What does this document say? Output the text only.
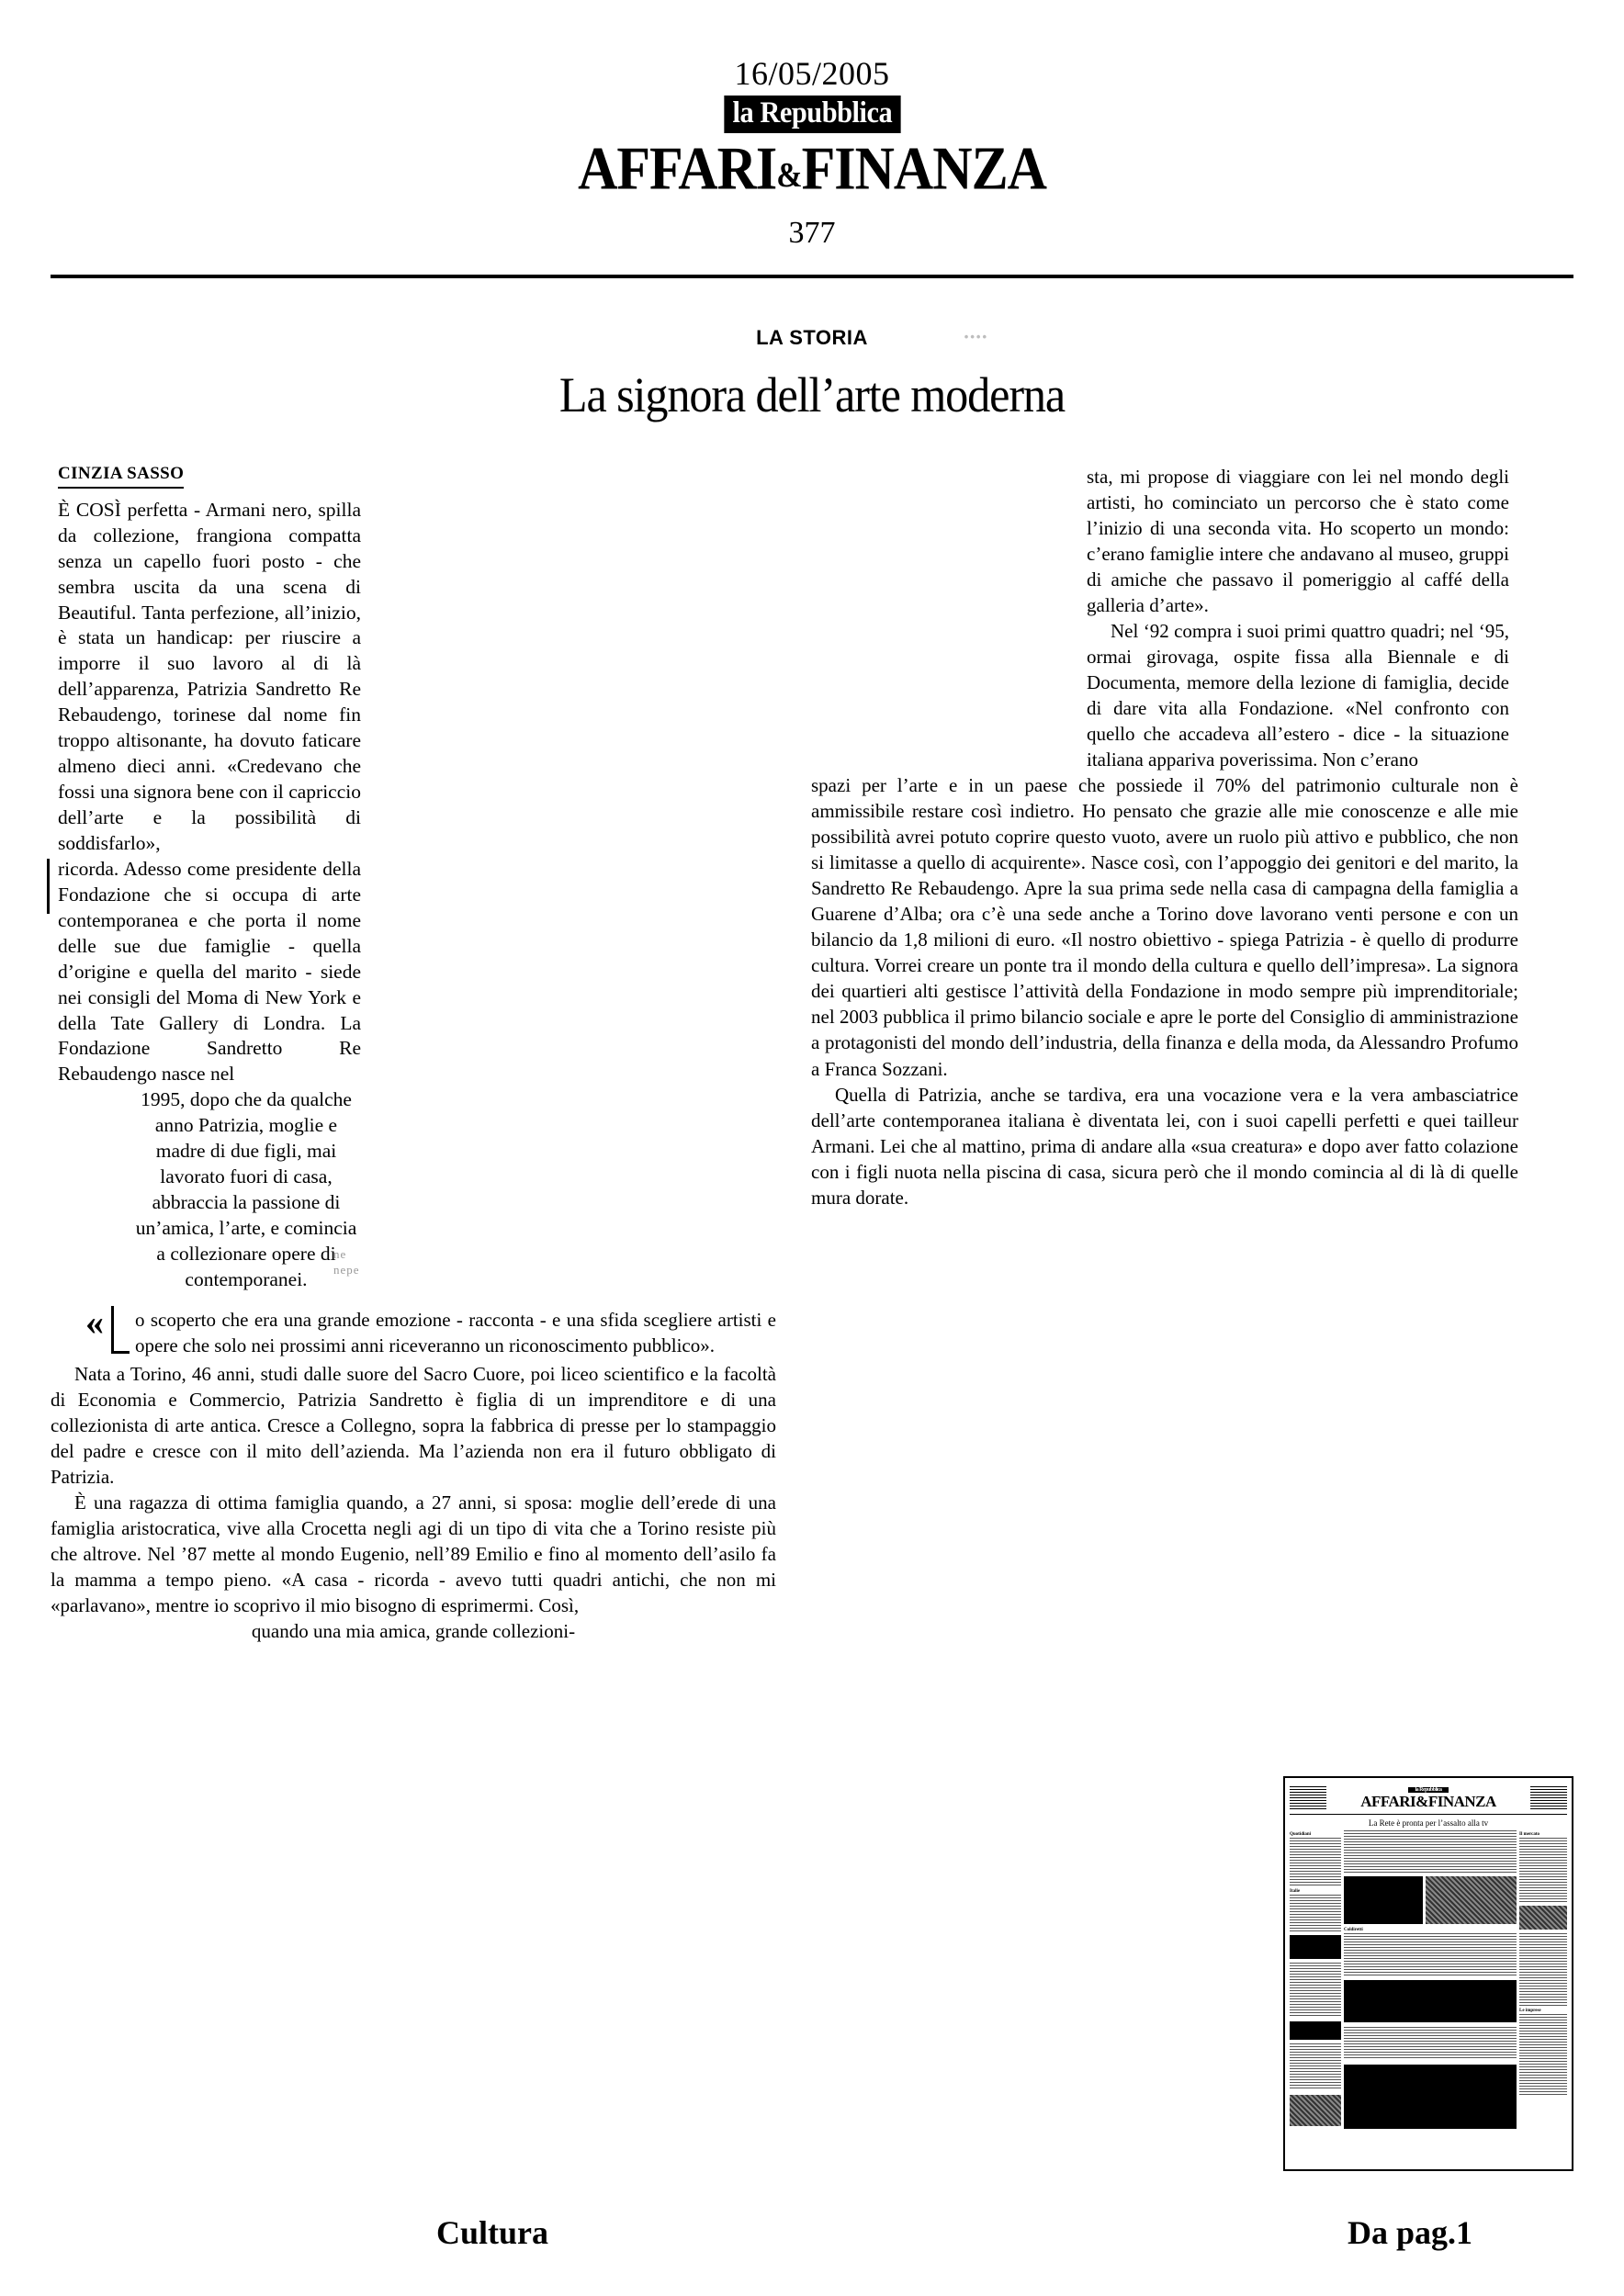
16/05/2005
la Repubblica
AFFARI&FINANZA
377
LA STORIA	••••
La signora dell’arte moderna
CINZIA SASSO
È COSÌ perfetta - Armani nero, spilla da collezione, frangiona compatta senza un capello fuori posto - che sembra uscita da una scena di Beautiful. Tanta perfezione, all’inizio, è stata un handicap: per riuscire a imporre il suo lavoro al di là dell’apparenza, Patrizia Sandretto Re Rebaudengo, torinese dal nome fin troppo altisonante, ha dovuto faticare almeno dieci anni. «Credevano che fossi una signora bene con il capriccio dell’arte e la possibilità di soddisfarlo»,
ne nepe
ricorda. Adesso come presidente della Fondazione che si occupa di arte contemporanea e che porta il nome delle sue due famiglie - quella d’origine e quella del marito - siede nei consigli del Moma di New York e della Tate Gallery di Londra. La Fondazione Sandretto Re Rebaudengo nasce nel
1995, dopo che da qualche anno Patrizia, moglie e madre di due figli, mai lavorato fuori di casa, abbraccia la passione di un’amica, l’arte, e comincia a collezionare opere di contemporanei.
« o scoperto che era una grande emozione - racconta - e una sfida scegliere artisti e opere che solo nei prossimi anni riceveranno un riconoscimento pubblico».

Nata a Torino, 46 anni, studi dalle suore del Sacro Cuore, poi liceo scientifico e la facoltà di Economia e Commercio, Patrizia Sandretto è figlia di un imprenditore e di una collezionista di arte antica. Cresce a Collegno, sopra la fabbrica di presse per lo stampaggio del padre e cresce con il mito dell’azienda. Ma l’azienda non era il futuro obbligato di Patrizia.

È una ragazza di ottima famiglia quando, a 27 anni, si sposa: moglie dell’erede di una famiglia aristocratica, vive alla Crocetta negli agi di un tipo di vita che a Torino resiste più che altrove. Nel ’87 mette al mondo Eugenio, nell’89 Emilio e fino al momento dell’asilo fa la mamma a tempo pieno. «A casa - ricorda - avevo tutti quadri antichi, che non mi «parlavano», mentre io scoprivo il mio bisogno di esprimermi. Così,

quando una mia amica, grande collezioni-

sta, mi propose di viaggiare con lei nel mondo degli artisti, ho cominciato un percorso che è stato come l’inizio di una seconda vita. Ho scoperto un mondo: c’erano famiglie intere che andavano al museo, gruppi di amiche che passavo il pomeriggio al caffé della galleria d’arte».

Nel ‘92 compra i suoi primi quattro quadri; nel ‘95, ormai girovaga, ospite fissa alla Biennale e di Documenta, memore della lezione di famiglia, decide di dare vita alla Fondazione. «Nel confronto con quello che accadeva all’estero - dice - la situazione italiana appariva poverissima. Non c’erano

spazi per l’arte e in un paese che possiede il 70% del patrimonio culturale non è ammissibile restare così indietro. Ho pensato che grazie alle mie conoscenze e alle mie possibilità avrei potuto coprire questo vuoto, avere un ruolo più attivo e pubblico, che non si limitasse a quello di acquirente». Nasce così, con l’appoggio dei genitori e del marito, la Sandretto Re Rebaudengo. Apre la sua prima sede nella casa di campagna della famiglia a Guarene d’Alba; ora c’è una sede anche a Torino dove lavorano venti persone e con un bilancio da 1,8 milioni di euro. «Il nostro obiettivo - spiega Patrizia - è quello di produrre cultura. Vorrei creare un ponte tra il mondo della cultura e quello dell’impresa». La signora dei quartieri alti gestisce l’attività della Fondazione in modo sempre più imprenditoriale; nel 2003 pubblica il primo bilancio sociale e apre le porte del Consiglio di amministrazione a protagonisti del mondo dell’industria, della finanza e della moda, da Alessandro Profumo a Franca Sozzani.

Quella di Patrizia, anche se tardiva, era una vocazione vera e la vera ambasciatrice dell’arte contemporanea italiana è diventata lei, con i suoi capelli perfetti e quei tailleur Armani. Lei che al mattino, prima di andare alla «sua creatura» e dopo aver fatto colazione con i figli nuota nella piscina di casa, sicura però che il mondo comincia al di là di quelle mura dorate.

la Repubblica
AFFARI&FINANZA
La Rete è pronta per l’assalto alla tv
Quotidiani
Italie
Coldiretti
Il mercato
Le imprese
Cultura	Da pag.1
